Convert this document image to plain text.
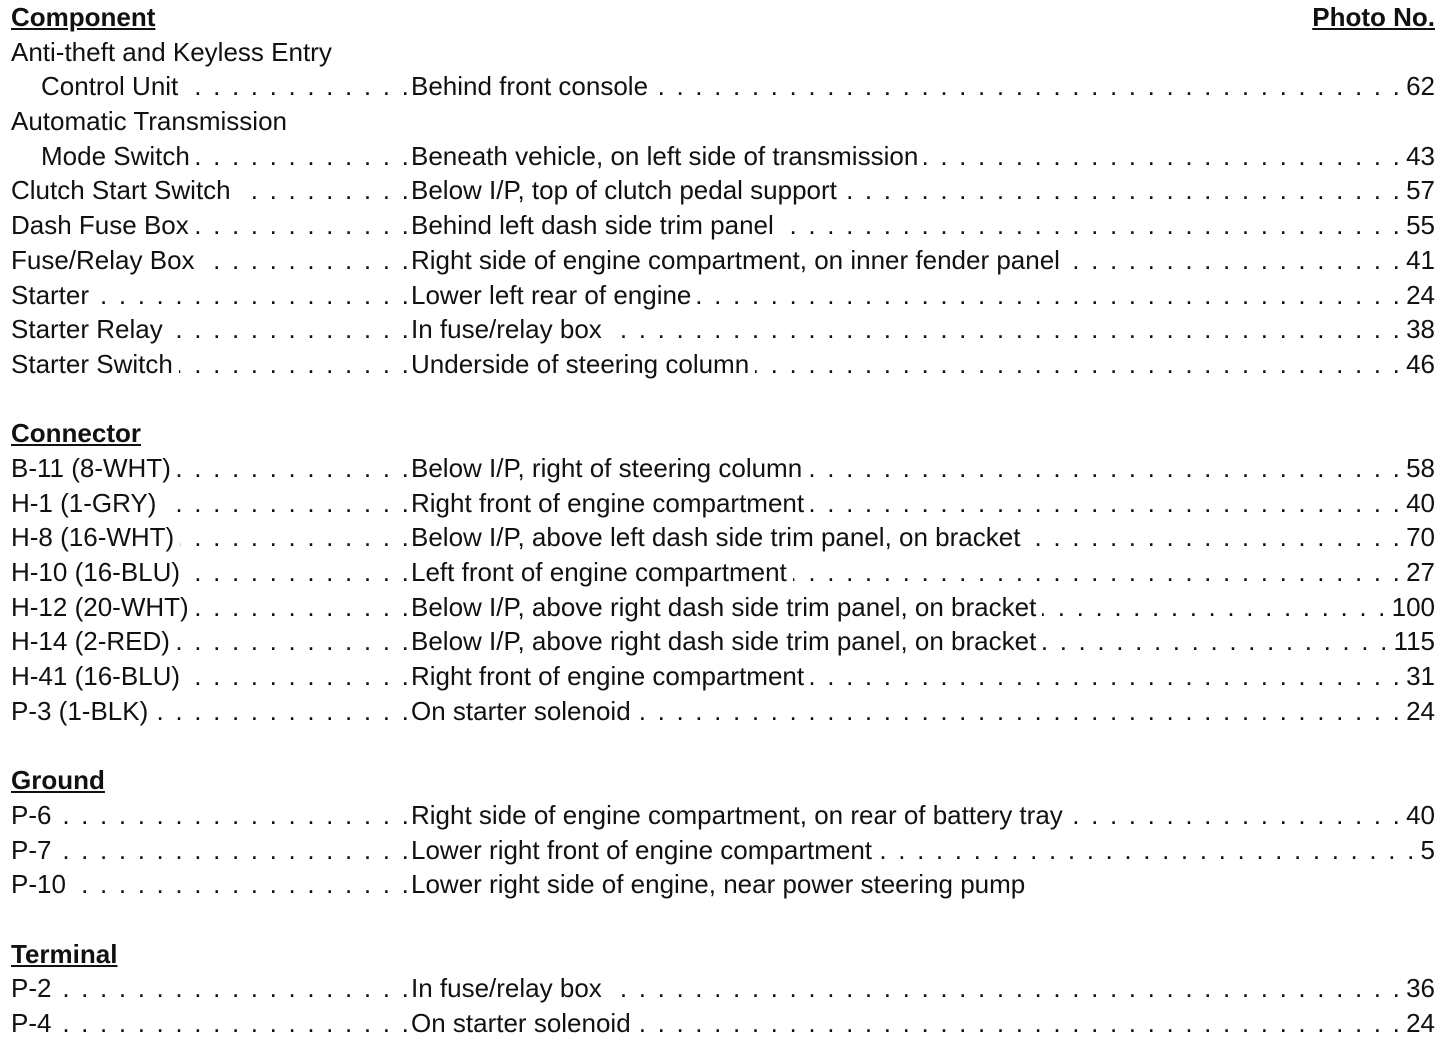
Component	Photo No.
Anti-theft and Keyless Entry
Control Unit . . .	Behind front console . . .	62
Automatic Transmission
Mode Switch . . .	Beneath vehicle, on left side of transmission . . .	43
Clutch Start Switch . . .	Below I/P, top of clutch pedal support . . .	57
Dash Fuse Box . . .	Behind left dash side trim panel . . .	55
Fuse/Relay Box . . .	Right side of engine compartment, on inner fender panel . . .	41
Starter . . .	Lower left rear of engine . . .	24
Starter Relay . . .	In fuse/relay box . . .	38
Starter Switch . . .	Underside of steering column . . .	46
Connector
B-11 (8-WHT) . . .	Below I/P, right of steering column . . .	58
H-1 (1-GRY) . . .	Right front of engine compartment . . .	40
H-8 (16-WHT) . . .	Below I/P, above left dash side trim panel, on bracket . . .	70
H-10 (16-BLU) . . .	Left front of engine compartment . . .	27
H-12 (20-WHT) . . .	Below I/P, above right dash side trim panel, on bracket . . .	100
H-14 (2-RED) . . .	Below I/P, above right dash side trim panel, on bracket . . .	115
H-41 (16-BLU) . . .	Right front of engine compartment . . .	31
P-3 (1-BLK) . . .	On starter solenoid . . .	24
Ground
P-6 . . .	Right side of engine compartment, on rear of battery tray . . .	40
P-7 . . .	Lower right front of engine compartment . . .	5
P-10 . . .	Lower right side of engine, near power steering pump
Terminal
P-2 . . .	In fuse/relay box . . .	36
P-4 . . .	On starter solenoid . . .	24
